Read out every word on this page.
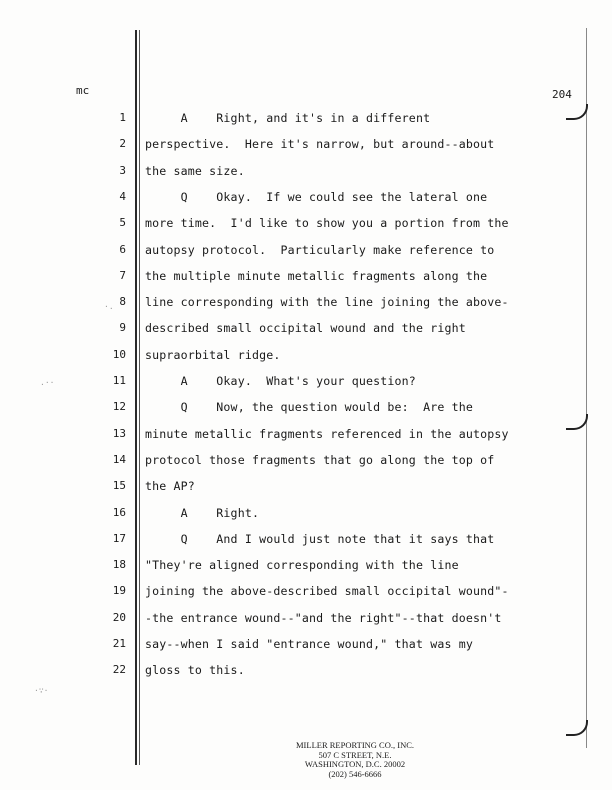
mc	204
·.
.··
·∵·
1 A    Right, and it's in a different
2 perspective.  Here it's narrow, but around--about
3 the same size.
4 Q    Okay.  If we could see the lateral one
5 more time.  I'd like to show you a portion from the
6 autopsy protocol.  Particularly make reference to
7 the multiple minute metallic fragments along the
8 line corresponding with the line joining the above-
9 described small occipital wound and the right
10 supraorbital ridge.
11 A    Okay.  What's your question?
12 Q    Now, the question would be:  Are the
13 minute metallic fragments referenced in the autopsy
14 protocol those fragments that go along the top of
15 the AP?
16 A    Right.
17 Q    And I would just note that it says that
18 "They're aligned corresponding with the line
19 joining the above-described small occipital wound"-
20 -the entrance wound--"and the right"--that doesn't
21 say--when I said "entrance wound," that was my
22 gloss to this.
MILLER REPORTING CO., INC.
507 C STREET, N.E.
WASHINGTON, D.C. 20002
(202) 546-6666
